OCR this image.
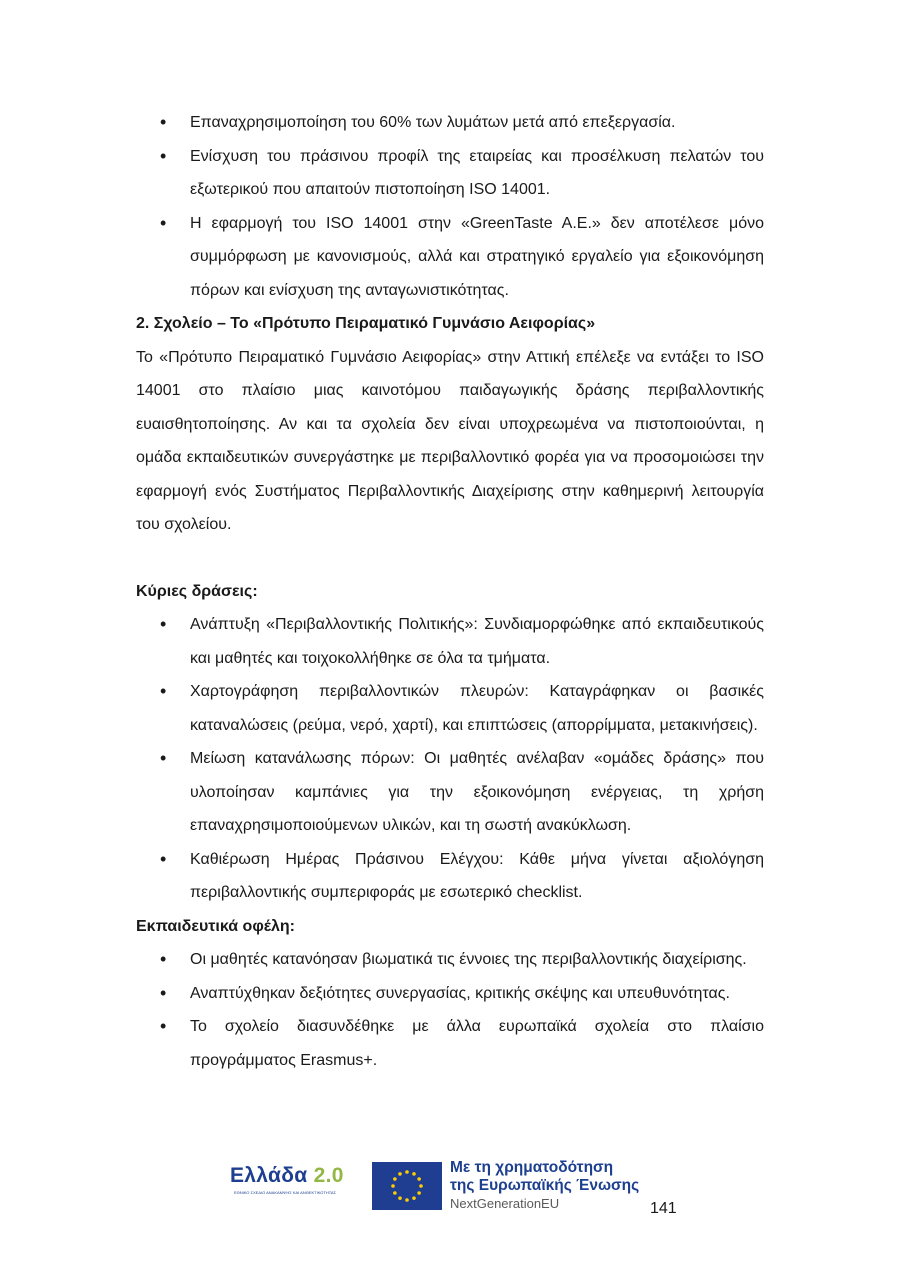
• Επαναχρησιμοποίηση του 60% των λυμάτων μετά από επεξεργασία.
• Ενίσχυση του πράσινου προφίλ της εταιρείας και προσέλκυση πελατών του εξωτερικού που απαιτούν πιστοποίηση ISO 14001.
• Η εφαρμογή του ISO 14001 στην «GreenTaste A.E.» δεν αποτέλεσε μόνο συμμόρφωση με κανονισμούς, αλλά και στρατηγικό εργαλείο για εξοικονόμηση πόρων και ενίσχυση της ανταγωνιστικότητας.
2. Σχολείο – Το «Πρότυπο Πειραματικό Γυμνάσιο Αειφορίας»

Το «Πρότυπο Πειραματικό Γυμνάσιο Αειφορίας» στην Αττική επέλεξε να εντάξει το ISO 14001 στο πλαίσιο μιας καινοτόμου παιδαγωγικής δράσης περιβαλλοντικής ευαισθητοποίησης. Αν και τα σχολεία δεν είναι υποχρεωμένα να πιστοποιούνται, η ομάδα εκπαιδευτικών συνεργάστηκε με περιβαλλοντικό φορέα για να προσομοιώσει την εφαρμογή ενός Συστήματος Περιβαλλοντικής Διαχείρισης στην καθημερινή λειτουργία του σχολείου.

Κύριες δράσεις:
• Ανάπτυξη «Περιβαλλοντικής Πολιτικής»: Συνδιαμορφώθηκε από εκπαιδευτικούς και μαθητές και τοιχοκολλήθηκε σε όλα τα τμήματα.
• Χαρτογράφηση περιβαλλοντικών πλευρών: Καταγράφηκαν οι βασικές καταναλώσεις (ρεύμα, νερό, χαρτί), και επιπτώσεις (απορρίμματα, μετακινήσεις).
• Μείωση κατανάλωσης πόρων: Οι μαθητές ανέλαβαν «ομάδες δράσης» που υλοποίησαν καμπάνιες για την εξοικονόμηση ενέργειας, τη χρήση επαναχρησιμοποιούμενων υλικών, και τη σωστή ανακύκλωση.
• Καθιέρωση Ημέρας Πράσινου Ελέγχου: Κάθε μήνα γίνεται αξιολόγηση περιβαλλοντικής συμπεριφοράς με εσωτερικό checklist.
Εκπαιδευτικά οφέλη:
• Οι μαθητές κατανόησαν βιωματικά τις έννοιες της περιβαλλοντικής διαχείρισης.
• Αναπτύχθηκαν δεξιότητες συνεργασίας, κριτικής σκέψης και υπευθυνότητας.
• Το σχολείο διασυνδέθηκε με άλλα ευρωπαϊκά σχολεία στο πλαίσιο προγράμματος Erasmus+.
Ελλάδα 2.0
ΕΘΝΙΚΟ ΣΧΕΔΙΟ ΑΝΑΚΑΜΨΗΣ ΚΑΙ ΑΝΘΕΚΤΙΚΟΤΗΤΑΣ
Με τη χρηματοδότηση
της Ευρωπαϊκής Ένωσης
NextGenerationEU	141
